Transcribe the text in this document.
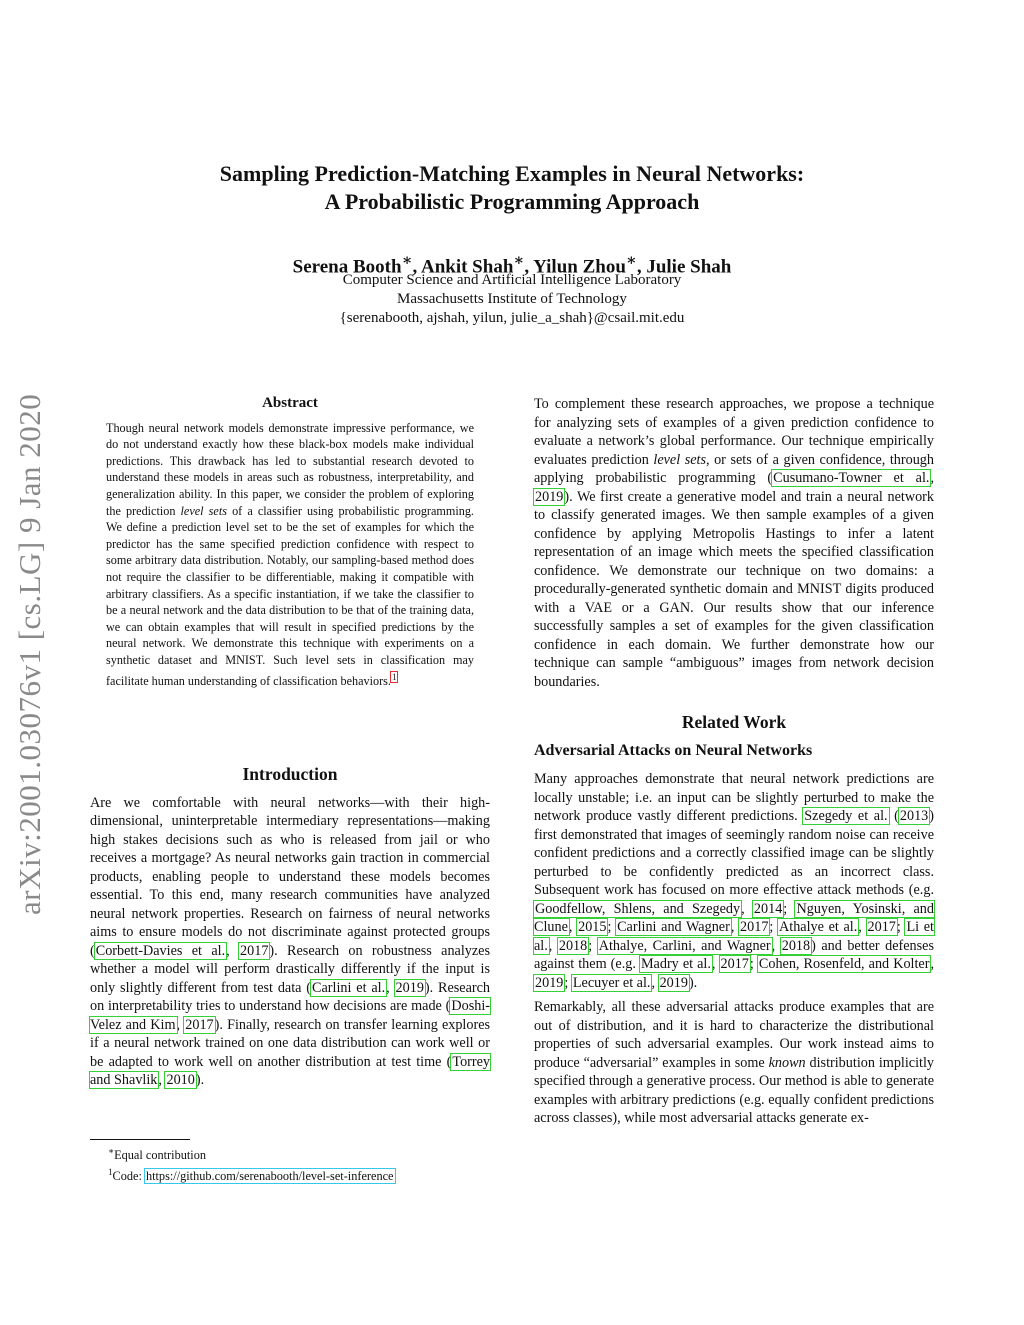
Sampling Prediction-Matching Examples in Neural Networks:
A Probabilistic Programming Approach
Serena Booth∗, Ankit Shah∗, Yilun Zhou∗, Julie Shah
Computer Science and Artificial Intelligence Laboratory
Massachusetts Institute of Technology
{serenabooth, ajshah, yilun, julie_a_shah}@csail.mit.edu
arXiv:2001.03076v1 [cs.LG] 9 Jan 2020	Abstract

Though neural network models demonstrate impressive performance, we do not understand exactly how these black-box models make individual predictions. This drawback has led to substantial research devoted to understand these models in areas such as robustness, interpretability, and generalization ability. In this paper, we consider the problem of exploring the prediction level sets of a classifier using probabilistic programming. We define a prediction level set to be the set of examples for which the predictor has the same specified prediction confidence with respect to some arbitrary data distribution. Notably, our sampling-based method does not require the classifier to be differentiable, making it compatible with arbitrary classifiers. As a specific instantiation, if we take the classifier to be a neural network and the data distribution to be that of the training data, we can obtain examples that will result in specified predictions by the neural network. We demonstrate this technique with experiments on a synthetic dataset and MNIST. Such level sets in classification may facilitate human understanding of classification behaviors.$^1$

Introduction

Are we comfortable with neural networks—with their high-dimensional, uninterpretable intermediary representations—making high stakes decisions such as who is released from jail or who receives a mortgage? As neural networks gain traction in commercial products, enabling people to understand these models becomes essential. To this end, many research communities have analyzed neural network properties. Research on fairness of neural networks aims to ensure models do not discriminate against protected groups (Corbett-Davies et al., 2017). Research on robustness analyzes whether a model will perform drastically differently if the input is only slightly different from test data (Carlini et al., 2019). Research on interpretability tries to understand how decisions are made (Doshi-Velez and Kim, 2017). Finally, research on transfer learning explores if a neural network trained on one data distribution can work well or be adapted to work well on another distribution at test time (Torrey and Shavlik, 2010).

To complement these research approaches, we propose a technique for analyzing sets of examples of a given prediction confidence to evaluate a network’s global performance. Our technique empirically evaluates prediction level sets, or sets of a given confidence, through applying probabilistic programming (Cusumano-Towner et al., 2019). We first create a generative model and train a neural network to classify generated images. We then sample examples of a given confidence by applying Metropolis Hastings to infer a latent representation of an image which meets the specified classification confidence. We demonstrate our technique on two domains: a procedurally-generated synthetic domain and MNIST digits produced with a VAE or a GAN. Our results show that our inference successfully samples a set of examples for the given classification confidence in each domain. We further demonstrate how our technique can sample “ambiguous” images from network decision boundaries.

Related Work
Adversarial Attacks on Neural Networks

Many approaches demonstrate that neural network predictions are locally unstable; i.e. an input can be slightly perturbed to make the network produce vastly different predictions. Szegedy et al. (2013) first demonstrated that images of seemingly random noise can receive confident predictions and a correctly classified image can be slightly perturbed to be confidently predicted as an incorrect class. Subsequent work has focused on more effective attack methods (e.g. Goodfellow, Shlens, and Szegedy, 2014; Nguyen, Yosinski, and Clune, 2015; Carlini and Wagner, 2017; Athalye et al., 2017; Li et al., 2018; Athalye, Carlini, and Wagner, 2018) and better defenses against them (e.g. Madry et al., 2017; Cohen, Rosenfeld, and Kolter, 2019; Lecuyer et al., 2019).

Remarkably, all these adversarial attacks produce examples that are out of distribution, and it is hard to characterize the distributional properties of such adversarial examples. Our work instead aims to produce “adversarial” examples in some known distribution implicitly specified through a generative process. Our method is able to generate examples with arbitrary predictions (e.g. equally confident predictions across classes), while most adversarial attacks generate ex-

∗Equal contribution
$^1$Code: https://github.com/serenabooth/level-set-inference
